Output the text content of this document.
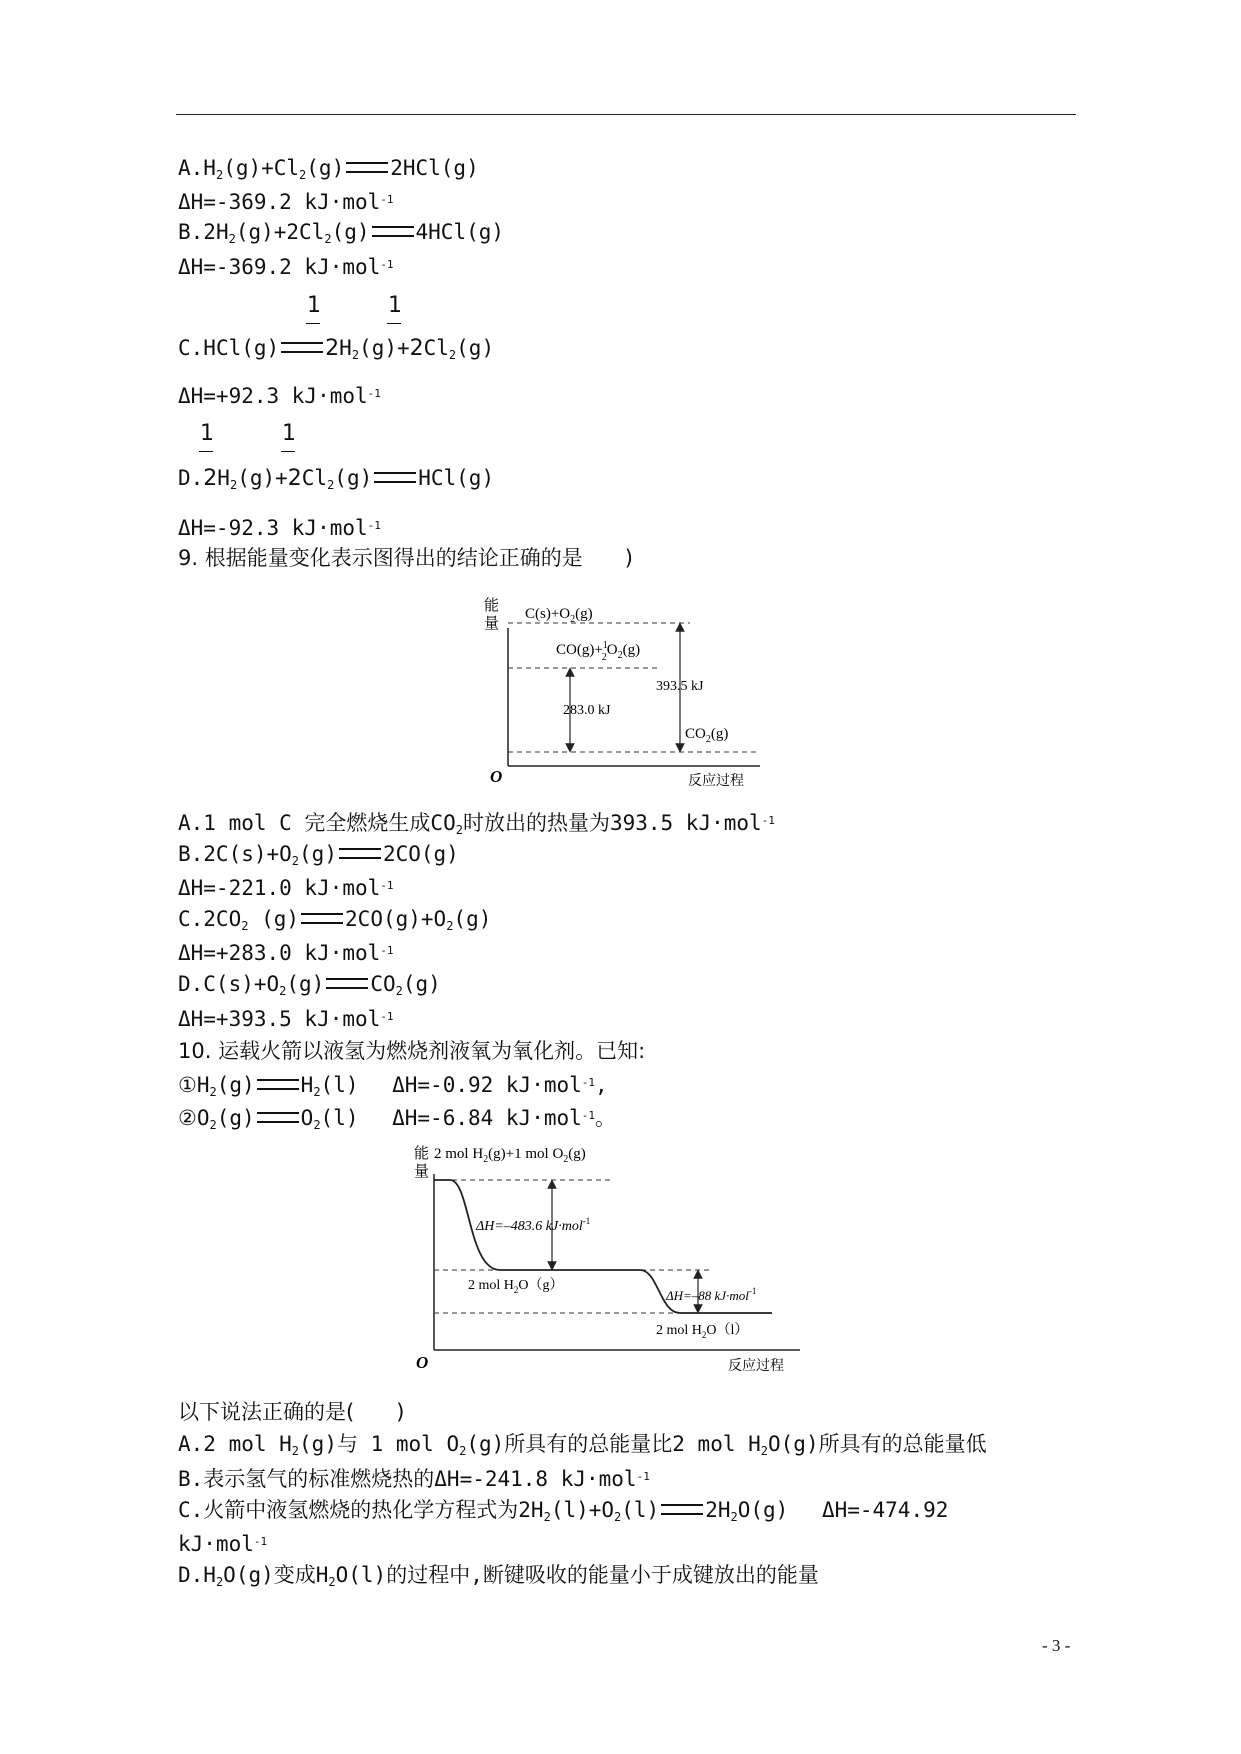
$A.H_2(g)+Cl_2(g)$ 2HCl(g)
ΔH=-369.2 kJ·mol$^{-1}$
$B.2H_2(g)+2Cl_2(g)$ 4HCl(g)
ΔH=-369.2 kJ·mol$^{-1}$
1	1
C.HCl(g) $2H_2(g)+2Cl_2(g)$
ΔH=+92.3 kJ·mol$^{-1}$
1	1
$D.2H_2(g)+2Cl_2(g)$ HCl(g)
ΔH=-92.3 kJ·mol$^{-1}$
9. 根据能量变化表示图得出的结论正确的是　　)
能
量
O	反应过程
$C(s)+O_2(g)$
CO(g)+$^1$ $2O_2(g)$
$CO_2(g)$
283.0 kJ
393.5 kJ
A.1 mol C 完全燃烧生成$CO_2$时放出的热量为393.5 kJ·mol$^{-1}$
$B.2C(s)+O_2(g)$ 2CO(g)
ΔH=-221.0 kJ·mol$^{-1}$
$C.2CO_2$ (g) $2CO(g)+O_2(g)$
ΔH=+283.0 kJ·mol$^{-1}$
$D.C(s)+O_2(g)$ $CO_2(g)$
ΔH=+393.5 kJ·mol$^{-1}$
10. 运载火箭以液氢为燃烧剂液氧为氧化剂。已知:
$①H_2(g)$ $H_2(l)$　 ΔH=-0.92 kJ·mol$^{-1}$,
$②O_2(g)$ $O_2(l)$　 ΔH=-6.84 kJ·mol$^{-1}$。
能
量
O	反应过程
2 mol $H_2(g)+1$ mol $O_2(g)$
ΔH=–483.6 kJ·mol$^{-1}$
2 mol $H_2O(g)$
ΔH=–88 kJ·mol$^{-1}$
2 mol $H_2O(l)$
以下说法正确的是(　　)
A.2 mol $H_2(g)$与 1 mol $O_2(g)$所具有的总能量比2 mol $H_2O(g)$所具有的总能量低
B.表示氢气的标准燃烧热的ΔH=-241.8 kJ·mol$^{-1}$
C.火箭中液氢燃烧的热化学方程式为$2H_2(l)+O_2(l)$ $2H_2O(g)$　 ΔH=-474.92
kJ·mol$^{-1}$
$D.H_2O(g)$变成$H_2O(l)$的过程中,断键吸收的能量小于成键放出的能量
- 3 -
